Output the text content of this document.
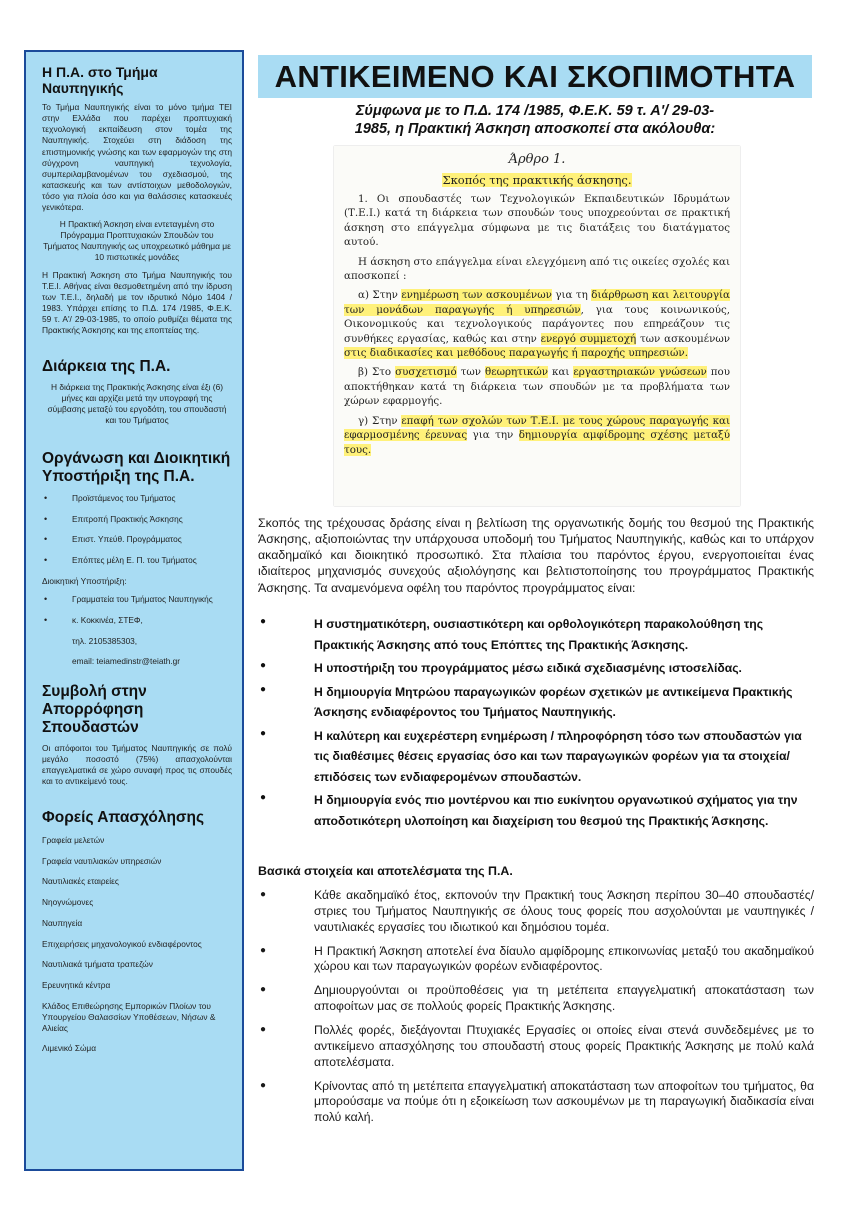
Η Π.Α. στο Τμήμα Ναυπηγικής

Το Τμήμα Ναυπηγικής είναι το μόνο τμήμα ΤΕΙ στην Ελλάδα που παρέχει προπτυχιακή τεχνολογική εκπαίδευση στον τομέα της Ναυπηγικής. Στοχεύει στη διάδοση της επιστημονικής γνώσης και των εφαρμογών της στη σύγχρονη ναυπηγική τεχνολογία, συμπεριλαμβανομένων του σχεδιασμού, της κατασκευής και των αντίστοιχων μεθοδολογιών, τόσο για πλοία όσο και για θαλάσσιες κατασκευές γενικότερα.

Η Πρακτική Άσκηση είναι εντεταγμένη στο Πρόγραμμα Προπτυχιακών Σπουδών του Τμήματος Ναυπηγικής ως υποχρεωτικό μάθημα με 10 πιστωτικές μονάδες

Η Πρακτική Άσκηση στο Τμήμα Ναυπηγικής του Τ.Ε.Ι. Αθήνας είναι θεσμοθετημένη από την ίδρυση των Τ.Ε.Ι., δηλαδή με τον ιδρυτικό Νόμο 1404 / 1983. Υπάρχει επίσης το Π.Δ. 174 /1985, Φ.Ε.Κ. 59 τ. Α'/ 29-03-1985, το οποίο ρυθμίζει θέματα της Πρακτικής Άσκησης και της εποπτείας της.

Διάρκεια της Π.Α.

Η διάρκεια της Πρακτικής Άσκησης είναι έξι (6) μήνες και αρχίζει μετά την υπογραφή της σύμβασης μεταξύ του εργοδότη, του σπουδαστή και του Τμήματος

Οργάνωση και Διοικητική Υποστήριξη της Π.Α.
• Προϊστάμενος του Τμήματος
• Επιτροπή Πρακτικής Άσκησης
• Επιστ. Υπεύθ. Προγράμματος
• Επόπτες μέλη Ε. Π. του Τμήματος
Διοικητική Υποστήριξη:
• Γραμματεία του Τμήματος Ναυπηγικής
• κ. Κοκκινέα, ΣΤΕΦ,
τηλ. 2105385303,
email: teiamedinstr@teiath.gr
Συμβολή στην Απορρόφηση Σπουδαστών

Οι απόφοιτοι του Τμήματος Ναυπηγικής σε πολύ μεγάλο ποσοστό (75%) απασχολούνται επαγγελματικά σε χώρο συναφή προς τις σπουδές και το αντικείμενό τους.

Φορείς Απασχόλησης
Γραφεία μελετών
Γραφεία ναυτιλιακών υπηρεσιών
Ναυτιλιακές εταιρείες
Νηογνώμονες
Ναυπηγεία
Επιχειρήσεις μηχανολογικού ενδιαφέροντος
Ναυτιλιακά τμήματα τραπεζών
Ερευνητικά κέντρα
Κλάδος Επιθεώρησης Εμπορικών Πλοίων του Υπουργείου Θαλασσίων Υποθέσεων, Νήσων & Αλιείας
Λιμενικό Σώμα
ΑΝΤΙΚΕΙΜΕΝΟ ΚΑΙ ΣΚΟΠΙΜΟΤΗΤΑ
Σύμφωνα με το Π.Δ. 174 /1985, Φ.Ε.Κ. 59 τ. Α'/ 29-03-
1985, η Πρακτική Άσκηση αποσκοπεί στα ακόλουθα:
Άρθρο 1.
Σκοπός της πρακτικής άσκησης.

1. Οι σπουδαστές των Τεχνολογικών Εκπαιδευτικών Ιδρυμάτων (Τ.Ε.Ι.) κατά τη διάρκεια των σπουδών τους υποχρεούνται σε πρακτική άσκηση στο επάγγελμα σύμφωνα με τις διατάξεις του διατάγματος αυτού.

Η άσκηση στο επάγγελμα είναι ελεγχόμενη από τις οικείες σχολές και αποσκοπεί :

α) Στην ενημέρωση των ασκουμένων για τη διάρθρωση και λειτουργία των μονάδων παραγωγής ή υπηρεσιών, για τους κοινωνικούς, Οικονομικούς και τεχνολογικούς παράγοντες που επηρεάζουν τις συνθήκες εργασίας, καθώς και στην ενεργό συμμετοχή των ασκουμένων στις διαδικασίες και μεθόδους παραγωγής ή παροχής υπηρεσιών.

β) Στο συσχετισμό των θεωρητικών και εργαστηριακών γνώσεων που αποκτήθηκαν κατά τη διάρκεια των σπουδών με τα προβλήματα των χώρων εφαρμογής.

γ) Στην επαφή των σχολών των Τ.Ε.Ι. με τους χώρους παραγωγής και εφαρμοσμένης έρευνας για την δημιουργία αμφίδρομης σχέσης μεταξύ τους.

Σκοπός της τρέχουσας δράσης είναι η βελτίωση της οργανωτικής δομής του θεσμού της Πρακτικής Άσκησης, αξιοποιώντας την υπάρχουσα υποδομή του Τμήματος Ναυπηγικής, καθώς και το υπάρχον ακαδημαϊκό και διοικητικό προσωπικό. Στα πλαίσια του παρόντος έργου, ενεργοποιείται ένας ιδιαίτερος μηχανισμός συνεχούς αξιολόγησης και βελτιστοποίησης του προγράμματος Πρακτικής Άσκησης. Τα αναμενόμενα οφέλη του παρόντος προγράμματος είναι:

● Η συστηματικότερη, ουσιαστικότερη και ορθολογικότερη παρακολούθηση της Πρακτικής Άσκησης από τους Επόπτες της Πρακτικής Άσκησης.
● Η υποστήριξη του προγράμματος μέσω ειδικά σχεδιασμένης ιστοσελίδας.
● Η δημιουργία Μητρώου παραγωγικών φορέων σχετικών με αντικείμενα Πρακτικής Άσκησης ενδιαφέροντος του Τμήματος Ναυπηγικής.
● Η καλύτερη και ευχερέστερη ενημέρωση / πληροφόρηση τόσο των σπουδαστών για τις διαθέσιμες θέσεις εργασίας όσο και των παραγωγικών φορέων για τα στοιχεία/επιδόσεις των ενδιαφερομένων σπουδαστών.
● Η δημιουργία ενός πιο μοντέρνου και πιο ευκίνητου οργανωτικού σχήματος για την αποδοτικότερη υλοποίηση και διαχείριση του θεσμού της Πρακτικής Άσκησης.
Βασικά στοιχεία και αποτελέσματα της Π.Α.
● Κάθε ακαδημαϊκό έτος, εκπονούν την Πρακτική τους Άσκηση περίπου 30–40 σπουδαστές/στριες του Τμήματος Ναυπηγικής σε όλους τους φορείς που ασχολούνται με ναυπηγικές / ναυτιλιακές εργασίες του ιδιωτικού και δημόσιου τομέα.
● Η Πρακτική Άσκηση αποτελεί ένα δίαυλο αμφίδρομης επικοινωνίας μεταξύ του ακαδημαϊκού χώρου και των παραγωγικών φορέων ενδιαφέροντος.
● Δημιουργούνται οι προϋποθέσεις για τη μετέπειτα επαγγελματική αποκατάσταση των αποφοίτων μας σε πολλούς φορείς Πρακτικής Άσκησης.
● Πολλές φορές, διεξάγονται Πτυχιακές Εργασίες οι οποίες είναι στενά συνδεδεμένες με το αντικείμενο απασχόλησης του σπουδαστή στους φορείς Πρακτικής Άσκησης με πολύ καλά αποτελέσματα.
● Κρίνοντας από τη μετέπειτα επαγγελματική αποκατάσταση των αποφοίτων του τμήματος, θα μπορούσαμε να πούμε ότι η εξοικείωση των ασκουμένων με τη παραγωγική διαδικασία είναι πολύ καλή.
